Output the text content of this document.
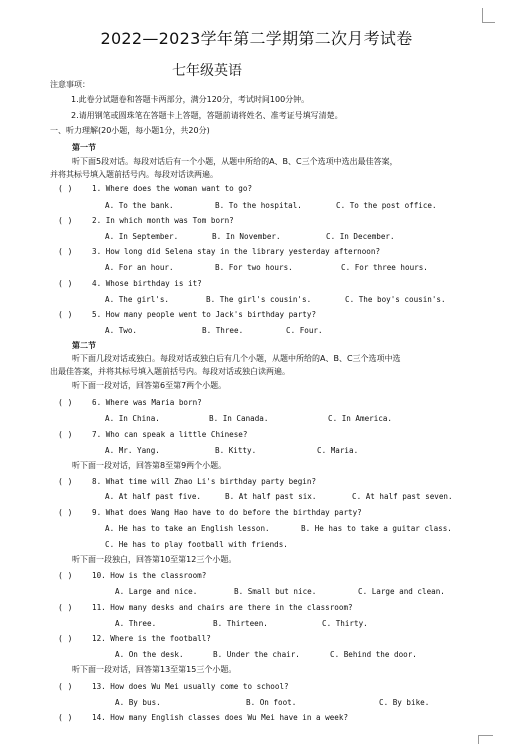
2022—2023学年第二学期第二次月考试卷
七年级英语
注意事项：
1.此卷分试题卷和答题卡两部分，满分120分，考试时间100分钟。
2.请用钢笔或圆珠笔在答题卡上答题，答题前请将姓名、准考证号填写清楚。
一、听力理解(20小题，每小题1分，共20分)
第一节
听下面5段对话。每段对话后有一个小题，从题中所给的A、B、C三个选项中选出最佳答案，
并将其标号填入题前括号内。每段对话读两遍。
( )	1. Where does the woman want to go?
A. To the bank.	B. To the hospital.	C. To the post office.
( )	2. In which month was Tom born?
A. In September.	B. In November.	C. In December.
( )	3. How long did Selena stay in the library yesterday afternoon?
A. For an hour.	B. For two hours.	C. For three hours.
( )	4. Whose birthday is it?
A. The girl's.	B. The girl's cousin's.	C. The boy's cousin's.
( )	5. How many people went to Jack's birthday party?
A. Two.	B. Three.	C. Four.
第二节
听下面几段对话或独白。每段对话或独白后有几个小题，从题中所给的A、B、C三个选项中选
出最佳答案，并将其标号填入题前括号内。每段对话或独白读两遍。
听下面一段对话，回答第6至第7两个小题。
( )	6. Where was Maria born?
A. In China.	B. In Canada.	C. In America.
( )	7. Who can speak a little Chinese?
A. Mr. Yang.	B. Kitty.	C. Maria.
听下面一段对话，回答第8至第9两个小题。
( )	8. What time will Zhao Li's birthday party begin?
A. At half past five.	B. At half past six.	C. At half past seven.
( )	9. What does Wang Hao have to do before the birthday party?
A. He has to take an English lesson.	B. He has to take a guitar class.
C. He has to play football with friends.
听下面一段独白，回答第10至第12三个小题。
( )	10. How is the classroom?
A. Large and nice.	B. Small but nice.	C. Large and clean.
( )	11. How many desks and chairs are there in the classroom?
A. Three.	B. Thirteen.	C. Thirty.
( )	12. Where is the football?
A. On the desk.	B. Under the chair.	C. Behind the door.
听下面一段对话，回答第13至第15三个小题。
( )	13. How does Wu Mei usually come to school?
A. By bus.	B. On foot.	C. By bike.
( )	14. How many English classes does Wu Mei have in a week?
